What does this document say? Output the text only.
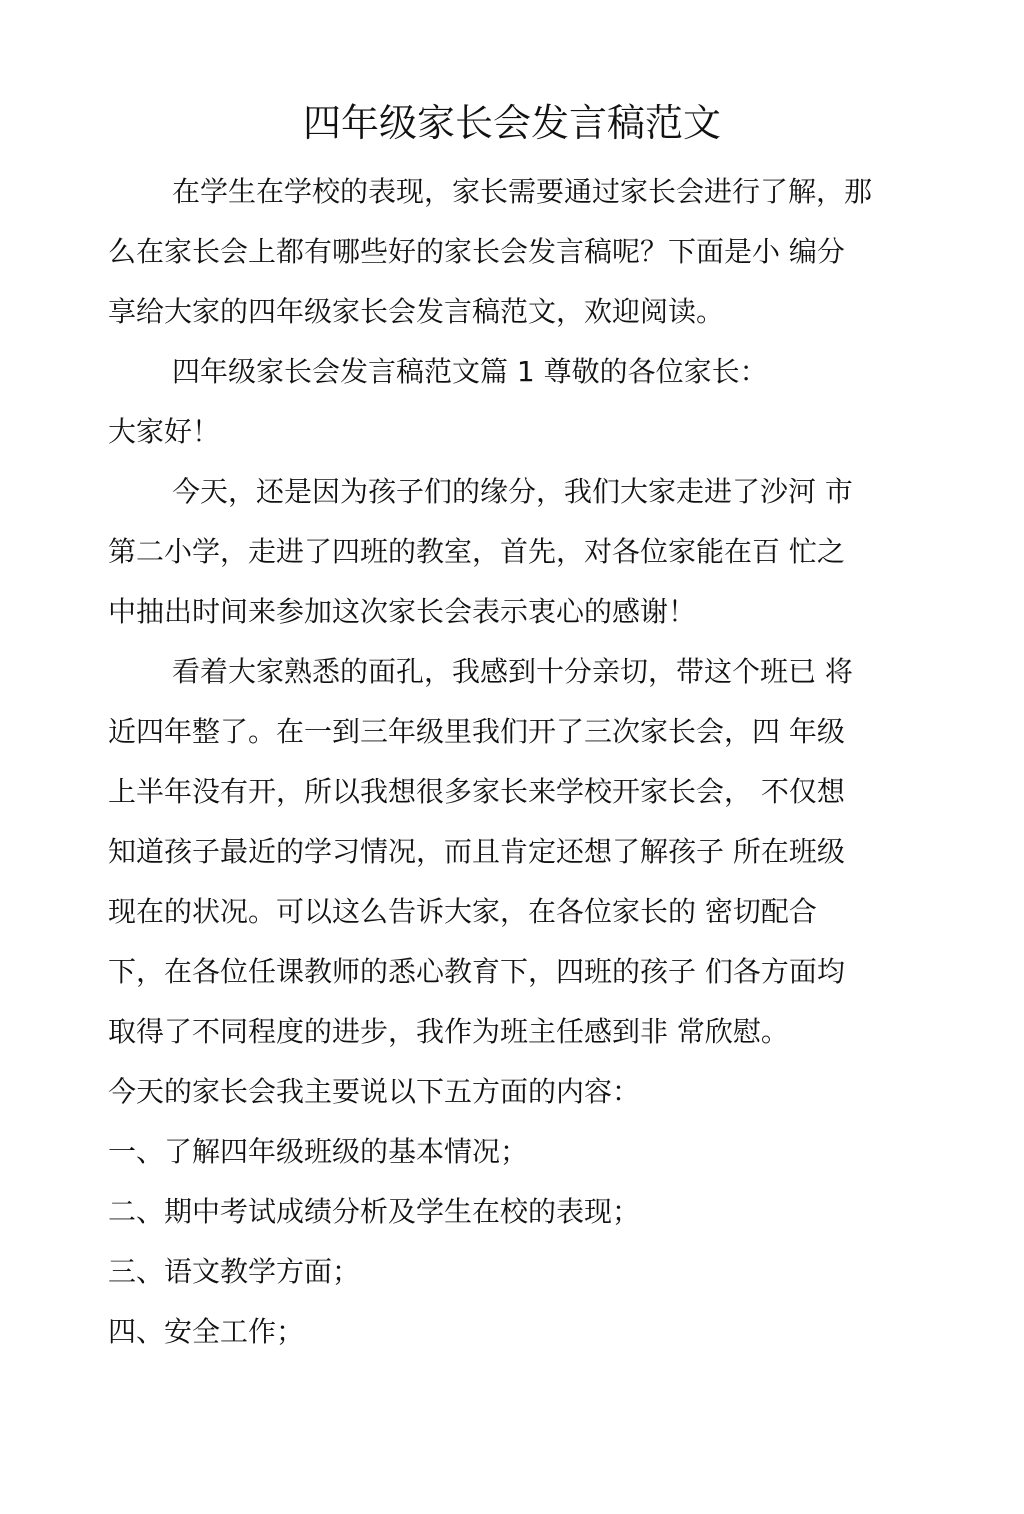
四年级家长会发言稿范文

在学生在学校的表现，家长需要通过家长会进行了解，那

么在家长会上都有哪些好的家长会发言稿呢？下面是小 编分

享给大家的四年级家长会发言稿范文，欢迎阅读。

四年级家长会发言稿范文篇 1 尊敬的各位家长：

大家好！

今天，还是因为孩子们的缘分，我们大家走进了沙河 市

第二小学，走进了四班的教室，首先，对各位家能在百 忙之

中抽出时间来参加这次家长会表示衷心的感谢！

看着大家熟悉的面孔，我感到十分亲切，带这个班已 将

近四年整了。在一到三年级里我们开了三次家长会，四 年级

上半年没有开，所以我想很多家长来学校开家长会， 不仅想

知道孩子最近的学习情况，而且肯定还想了解孩子 所在班级

现在的状况。可以这么告诉大家，在各位家长的 密切配合

下，在各位任课教师的悉心教育下，四班的孩子 们各方面均

取得了不同程度的进步，我作为班主任感到非 常欣慰。

今天的家长会我主要说以下五方面的内容：

一、了解四年级班级的基本情况；

二、期中考试成绩分析及学生在校的表现；

三、语文教学方面；

四、安全工作；
